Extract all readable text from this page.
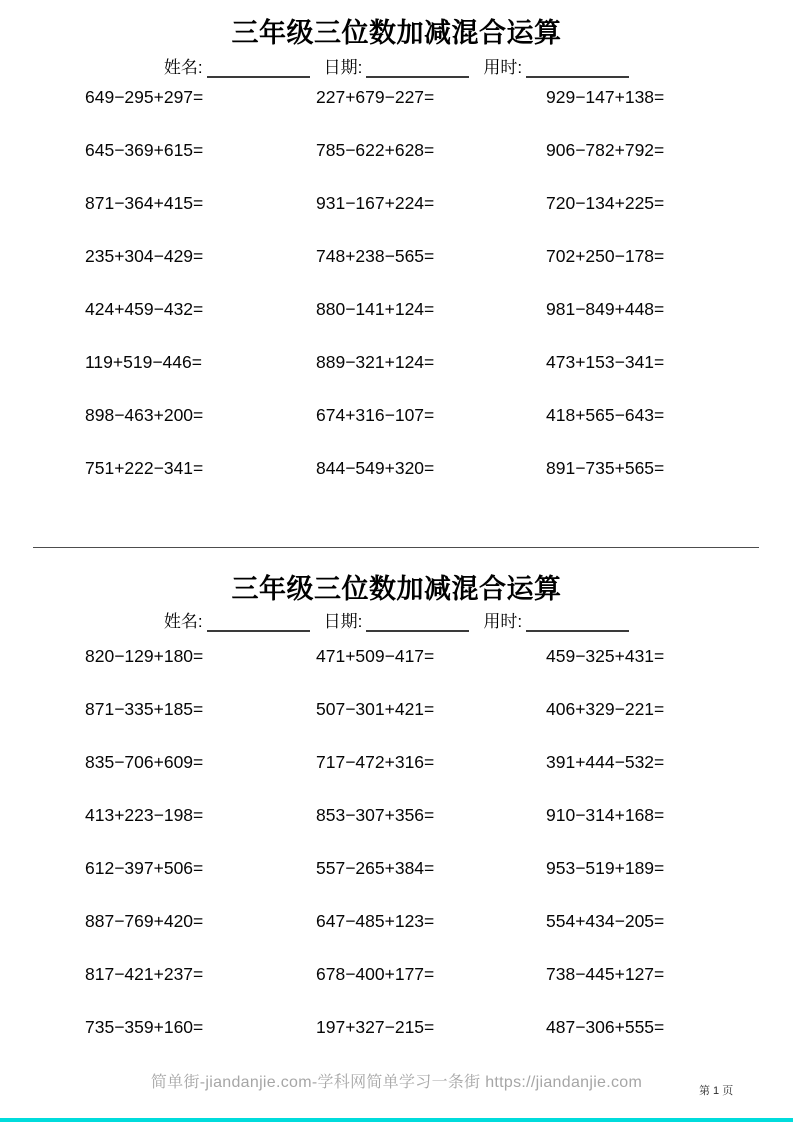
三年级三位数加减混合运算
姓名:	日期:	用时:
649−295+297=	227+679−227=	929−147+138=
645−369+615=	785−622+628=	906−782+792=
871−364+415=	931−167+224=	720−134+225=
235+304−429=	748+238−565=	702+250−178=
424+459−432=	880−141+124=	981−849+448=
119+519−446=	889−321+124=	473+153−341=
898−463+200=	674+316−107=	418+565−643=
751+222−341=	844−549+320=	891−735+565=
三年级三位数加减混合运算
姓名:	日期:	用时:
820−129+180=	471+509−417=	459−325+431=
871−335+185=	507−301+421=	406+329−221=
835−706+609=	717−472+316=	391+444−532=
413+223−198=	853−307+356=	910−314+168=
612−397+506=	557−265+384=	953−519+189=
887−769+420=	647−485+123=	554+434−205=
817−421+237=	678−400+177=	738−445+127=
735−359+160=	197+327−215=	487−306+555=
简单街-jiandanjie.com-学科网简单学习一条街 https://jiandanjie.com	第 1 页
